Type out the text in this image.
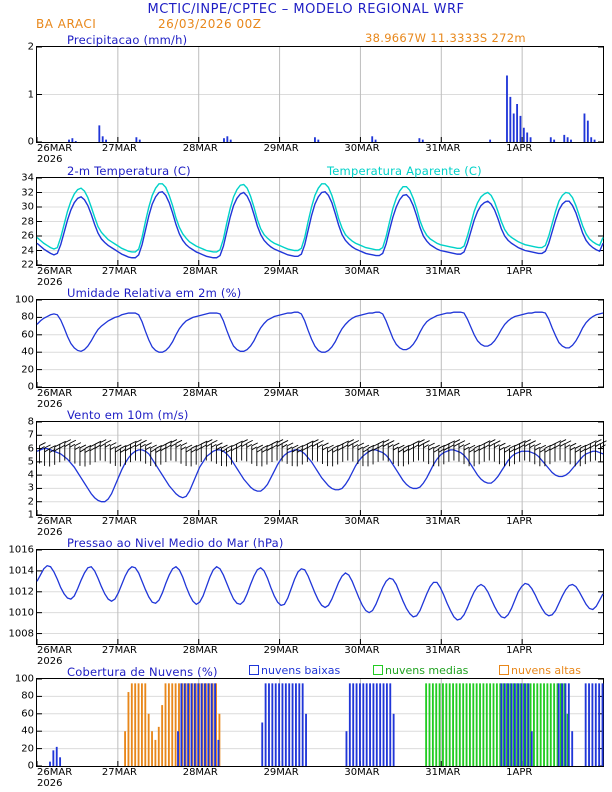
MCTIC/INPE/CPTEC – MODELO REGIONAL WRF
BA ARACI	26/03/2026 00Z
38.9667W 11.3333S 272m
Precipitacao (mm/h)
0
1
2
26MAR	27MAR	28MAR	29MAR	30MAR	31MAR	1APR
2026
2-m Temperatura (C)	Temperatura Aparente (C)
22
24
26
28
30
32
34
26MAR	27MAR	28MAR	29MAR	30MAR	31MAR	1APR
2026
Umidade Relativa em 2m (%)
0
20
40
60
80
100
26MAR	27MAR	28MAR	29MAR	30MAR	31MAR	1APR
2026
Vento em 10m (m/s)
1
2
3
4
5
6
7
8
26MAR	27MAR	28MAR	29MAR	30MAR	31MAR	1APR
2026
Pressao ao Nivel Medio do Mar (hPa)
1008
1010
1012
1014
1016
26MAR	27MAR	28MAR	29MAR	30MAR	31MAR	1APR
2026
Cobertura de Nuvens (%)	nuvens baixas	nuvens medias	nuvens altas
0
20
40
60
80
100
26MAR	27MAR	28MAR	29MAR	30MAR	31MAR	1APR
2026
